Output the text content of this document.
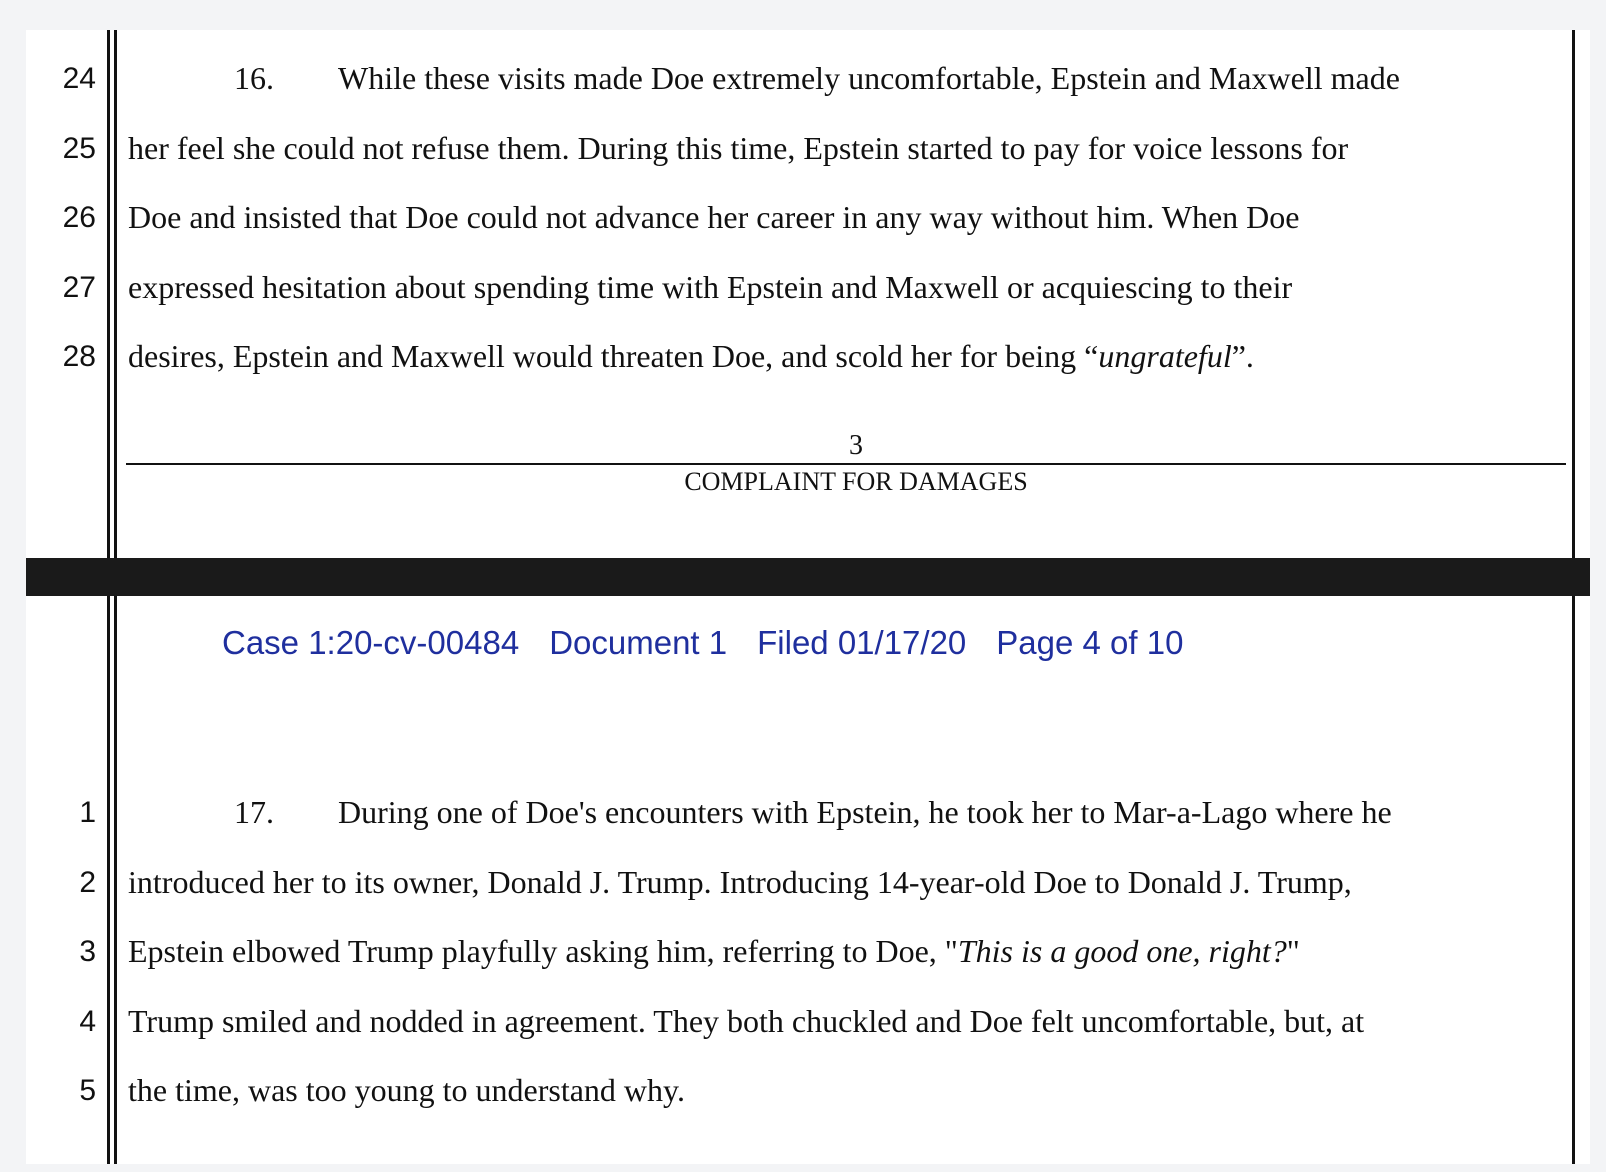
24	16. While these visits made Doe extremely uncomfortable, Epstein and Maxwell made
25 her feel she could not refuse them. During this time, Epstein started to pay for voice lessons for
26 Doe and insisted that Doe could not advance her career in any way without him. When Doe
27 expressed hesitation about spending time with Epstein and Maxwell or acquiescing to their
28 desires, Epstein and Maxwell would threaten Doe, and scold her for being “ungrateful”.
3
COMPLAINT FOR DAMAGES
Case 1:20-cv-00484 Document 1 Filed 01/17/20 Page 4 of 10
1	17. During one of Doe's encounters with Epstein, he took her to Mar-a-Lago where he
2 introduced her to its owner, Donald J. Trump. Introducing 14-year-old Doe to Donald J. Trump,
3 Epstein elbowed Trump playfully asking him, referring to Doe, "This is a good one, right?"
4 Trump smiled and nodded in agreement. They both chuckled and Doe felt uncomfortable, but, at
5 the time, was too young to understand why.
